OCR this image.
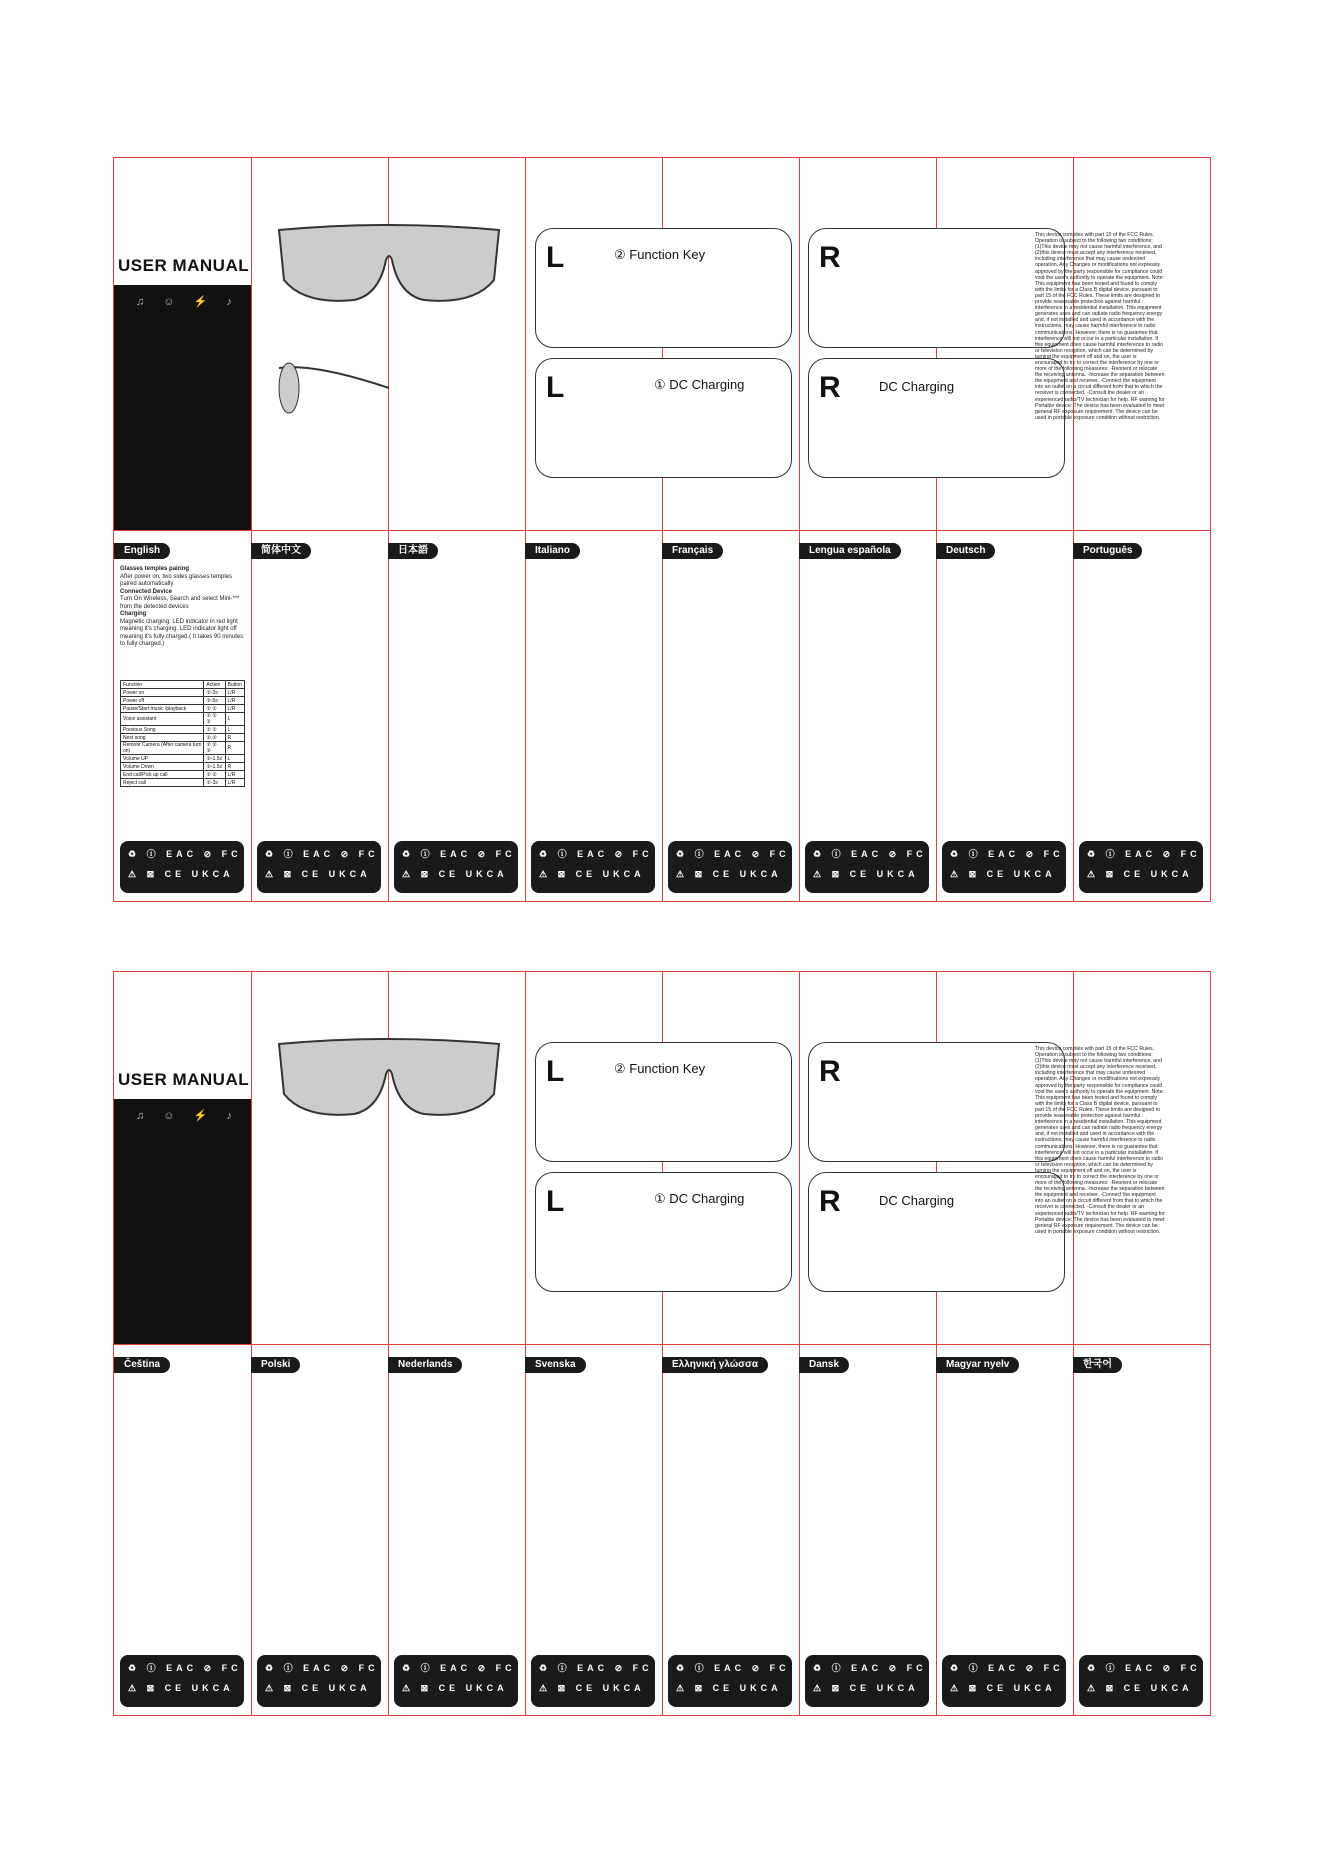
USER MANUAL
♫ ☺ ⚡ ♪
L	② Function Key	R
L	① DC Charging R	DC Charging
This device complies with part 15 of the FCC Rules. Operation is subject to the following two conditions: (1)This device may not cause harmful interference, and (2)this device must accept any interference received, including interference that may cause undesired operation. Any Changes or modifications not expressly approved by the party responsible for compliance could void the user's authority to operate the equipment. Note: This equipment has been tested and found to comply with the limits for a Class B digital device, pursuant to part 15 of the FCC Rules. These limits are designed to provide reasonable protection against harmful interference in a residential installation. This equipment generates uses and can radiate radio frequency energy and, if not installed and used in accordance with the instructions, may cause harmful interference to radio communications. However, there is no guarantee that interference will not occur in a particular installation. If this equipment does cause harmful interference to radio or television reception, which can be determined by turning the equipment off and on, the user is encouraged to try to correct the interference by one or more of the following measures: -Reorient or relocate the receiving antenna. -Increase the separation between the equipment and receiver. -Connect the equipment into an outlet on a circuit different from that to which the receiver is connected. -Consult the dealer or an experienced radio/TV technician for help. RF warning for Portable device: The device has been evaluated to meet general RF exposure requirement. The device can be used in portable exposure condition without restriction.
English	简体中文	日本語	Italiano	Français	Lengua española	Deutsch	Português
Glasses temples pairing
After power on, two sides glasses temples paired automatically
Connected Device
Turn On Wireless, Search and select Mini-*** from the detected devices
Charging
Magnetic charging: LED indicator in red light meaning it's charging. LED indicator light off meaning it's fully charged.( It takes 90 minutes to fully charged.)
Function	Action	Button
Power on	②-3s	L/R
Power off	②-5s	L/R
Pause/Start music /playback	② ②	L/R
Voice assistant	② ② ②	L
Previous Song	② ②	L
Next song	② ②	R
Remote Camera (After camera turn on)	② ② ②	R
Volume UP	②-1.5s	L
Volume Down	②-1.5s	R
End call/Pick up call	② ②	L/R
Reject call	②-3s	L/R
♻ ⓘ EAC ⊘ FC
⚠ ⊠ CE UKCA
♻ ⓘ EAC ⊘ FC
⚠ ⊠ CE UKCA
♻ ⓘ EAC ⊘ FC
⚠ ⊠ CE UKCA
♻ ⓘ EAC ⊘ FC
⚠ ⊠ CE UKCA
♻ ⓘ EAC ⊘ FC
⚠ ⊠ CE UKCA
♻ ⓘ EAC ⊘ FC
⚠ ⊠ CE UKCA
♻ ⓘ EAC ⊘ FC
⚠ ⊠ CE UKCA
♻ ⓘ EAC ⊘ FC
⚠ ⊠ CE UKCA
USER MANUAL
♫ ☺ ⚡ ♪
L	② Function Key	R
L	① DC Charging R	DC Charging
This device complies with part 15 of the FCC Rules. Operation is subject to the following two conditions: (1)This device may not cause harmful interference, and (2)this device must accept any interference received, including interference that may cause undesired operation. Any Changes or modifications not expressly approved by the party responsible for compliance could void the user's authority to operate the equipment. Note: This equipment has been tested and found to comply with the limits for a Class B digital device, pursuant to part 15 of the FCC Rules. These limits are designed to provide reasonable protection against harmful interference in a residential installation. This equipment generates uses and can radiate radio frequency energy and, if not installed and used in accordance with the instructions, may cause harmful interference to radio communications. However, there is no guarantee that interference will not occur in a particular installation. If this equipment does cause harmful interference to radio or television reception, which can be determined by turning the equipment off and on, the user is encouraged to try to correct the interference by one or more of the following measures: -Reorient or relocate the receiving antenna. -Increase the separation between the equipment and receiver. -Connect the equipment into an outlet on a circuit different from that to which the receiver is connected. -Consult the dealer or an experienced radio/TV technician for help. RF warning for Portable device: The device has been evaluated to meet general RF exposure requirement. The device can be used in portable exposure condition without restriction.
Čeština	Polski	Nederlands	Svenska	Ελληνική γλώσσα	Dansk	Magyar nyelv	한국어
♻ ⓘ EAC ⊘ FC
⚠ ⊠ CE UKCA
♻ ⓘ EAC ⊘ FC
⚠ ⊠ CE UKCA
♻ ⓘ EAC ⊘ FC
⚠ ⊠ CE UKCA
♻ ⓘ EAC ⊘ FC
⚠ ⊠ CE UKCA
♻ ⓘ EAC ⊘ FC
⚠ ⊠ CE UKCA
♻ ⓘ EAC ⊘ FC
⚠ ⊠ CE UKCA
♻ ⓘ EAC ⊘ FC
⚠ ⊠ CE UKCA
♻ ⓘ EAC ⊘ FC
⚠ ⊠ CE UKCA
